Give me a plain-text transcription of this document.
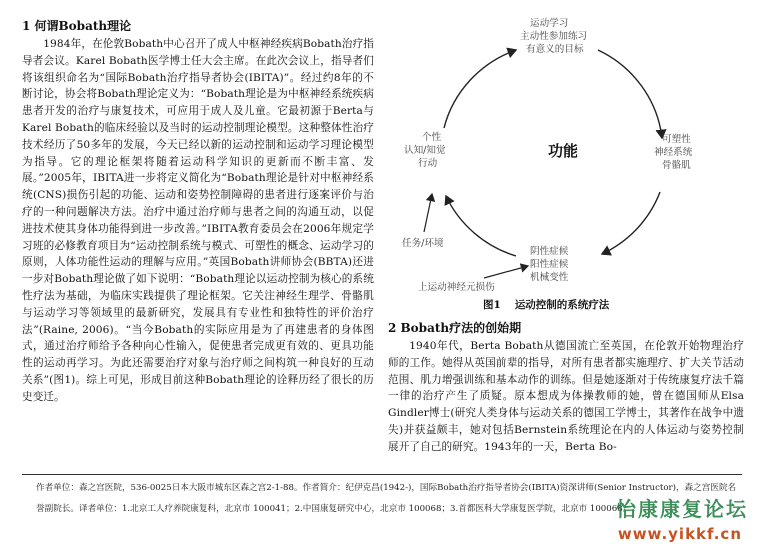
1 何谓Bobath理论

1984年，在伦敦Bobath中心召开了成人中枢神经疾病Bobath治疗指导者会议。Karel Bobath医学博士任大会主席。在此次会议上，指导者们将该组织命名为“国际Bobath治疗指导者协会(IBITA)”。经过约8年的不断讨论，协会将Bobath理论定义为：“Bobath理论是为中枢神经系统疾病患者开发的治疗与康复技术，可应用于成人及儿童。它最初源于Berta与Karel Bobath的临床经验以及当时的运动控制理论模型。这种整体性治疗技术经历了50多年的发展，今天已经以新的运动控制和运动学习理论模型为指导。它的理论框架将随着运动科学知识的更新而不断丰富、发展。”2005年，IBITA进一步将定义简化为“Bobath理论是针对中枢神经系统(CNS)损伤引起的功能、运动和姿势控制障碍的患者进行逐案评价与治疗的一种问题解决方法。治疗中通过治疗师与患者之间的沟通互动，以促进技术使其身体功能得到进一步改善。”IBITA教育委员会在2006年规定学习班的必修教育项目为“运动控制系统与模式、可塑性的概念、运动学习的原则，人体功能性运动的理解与应用。”英国Bobath讲师协会(BBTA)还进一步对Bobath理论做了如下说明：“Bobath理论以运动控制为核心的系统性疗法为基础，为临床实践提供了理论框架。它关注神经生理学、骨骼肌与运动学习等领域里的最新研究，发展具有专业性和独特性的评价治疗法”(Raine, 2006)。“当今Bobath的实际应用是为了再建患者的身体图式，通过治疗师给予各种向心性输入，促使患者完成更有效的、更具功能性的运动再学习。为此还需要治疗对象与治疗师之间构筑一种良好的互动关系”(图1)。综上可见，形成目前这种Bobath理论的诠释历经了很长的历史变迁。

功能
运动学习
主动性参加练习
有意义的目标
可塑性
神经系统
骨骼肌
阴性症候
阳性症候
机械变性
个性
认知/知觉
行动
任务/环境
上运动神经元损伤
图1 运动控制的系统疗法
2 Bobath疗法的创始期

1940年代，Berta Bobath从德国流亡至英国，在伦敦开始物理治疗师的工作。她得从英国前辈的指导，对所有患者都实施理疗、扩大关节活动范围、肌力增强训练和基本动作的训练。但是她逐渐对于传统康复疗法千篇一律的治疗产生了质疑。原本想成为体操教师的她，曾在德国师从Elsa Gindler博士(研究人类身体与运动关系的德国工学博士，其著作在战争中遗失)并获益颇丰，她对包括Bernstein系统理论在内的人体运动与姿势控制展开了自己的研究。1943年的一天，Berta Bo-

作者单位：森之宫医院，536-0025日本大阪市城东区森之宫2-1-88。作者简介：纪伊克昌(1942-)，国际Bobath治疗指导者协会(IBITA)资深讲师(Senior Instructor)，森之宫医院名誉副院长。译者单位：1.北京工人疗养院康复科，北京市 100041；2.中国康复研究中心，北京市 100068；3.首都医科大学康复医学院，北京市 100068。
怡康康复论坛
www.yikkf.cn
